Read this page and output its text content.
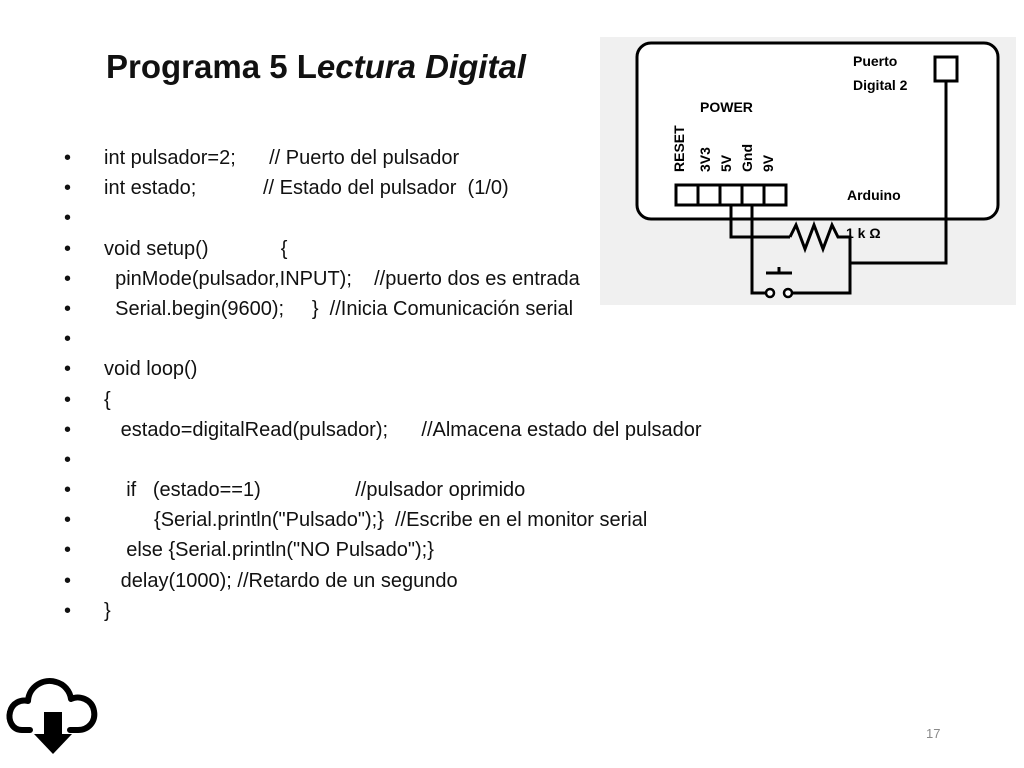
Programa 5 Lectura Digital
• int pulsador=2;      // Puerto del pulsador
• int estado;            // Estado del pulsador  (1/0)
•
• void setup()             {
• pinMode(pulsador,INPUT);    //puerto dos es entrada
• Serial.begin(9600);     }  //Inicia Comunicación serial
•
• void loop()
• {
• estado=digitalRead(pulsador);      //Almacena estado del pulsador
•
• if   (estado==1)                 //pulsador oprimido
• {Serial.println("Pulsado");}  //Escribe en el monitor serial
• else {Serial.println("NO Pulsado");}
• delay(1000); //Retardo de un segundo
• }
Puerto
Digital 2
POWER
RESET 3V3 5V Gnd 9V
Arduino
1 k Ω
17
